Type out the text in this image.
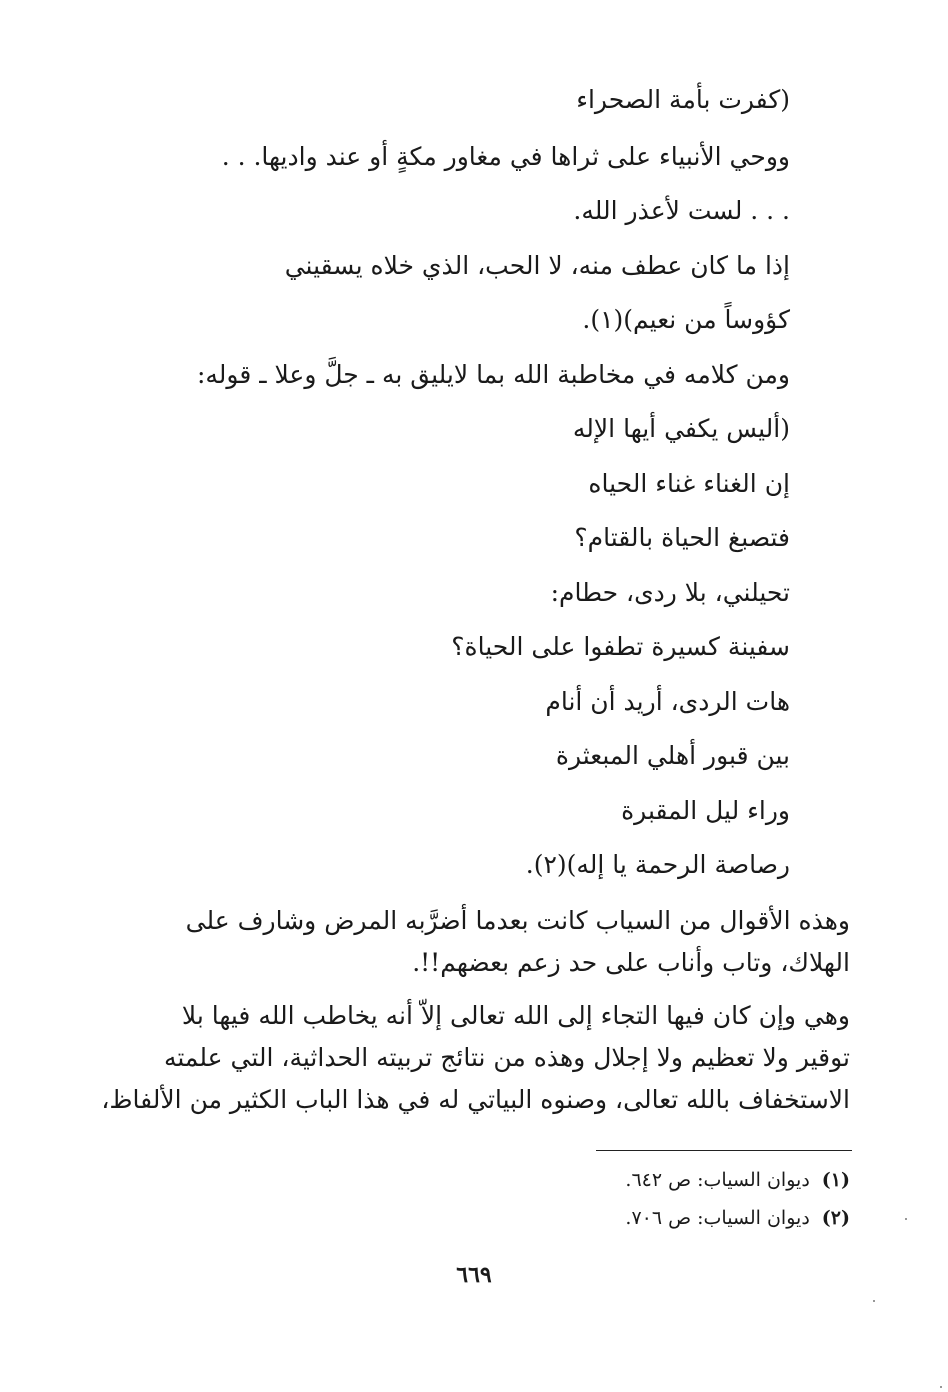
(كفرت بأمة الصحراء
ووحي الأنبياء على ثراها في مغاور مكةٍ أو عند واديها. . .
. . . لست لأعذر الله.
إذا ما كان عطف منه، لا الحب، الذي خلاه يسقيني
كؤوساً من نعيم)(١).
ومن كلامه في مخاطبة الله بما لايليق به ـ جلَّ وعلا ـ قوله:
(أليس يكفي أيها الإله
إن الغناء غناء الحياه
فتصبغ الحياة بالقتام؟
تحيلني، بلا ردى، حطام:
سفينة كسيرة تطفوا على الحياة؟
هات الردى، أريد أن أنام
بين قبور أهلي المبعثرة
وراء ليل المقبرة
رصاصة الرحمة يا إله)(٢).
وهذه الأقوال من السياب كانت بعدما أضرَّبه المرض وشارف على
الهلاك، وتاب وأناب على حد زعم بعضهم!!.
وهي وإن كان فيها التجاء إلى الله تعالى إلاّ أنه يخاطب الله فيها بلا
توقير ولا تعظيم ولا إجلال وهذه من نتائج تربيته الحداثية، التي علمته
الاستخفاف بالله تعالى، وصنوه البياتي له في هذا الباب الكثير من الألفاظ،
(١)ديوان السياب: ص ٦٤٢.
(٢)ديوان السياب: ص ٧٠٦.
٦٦٩
